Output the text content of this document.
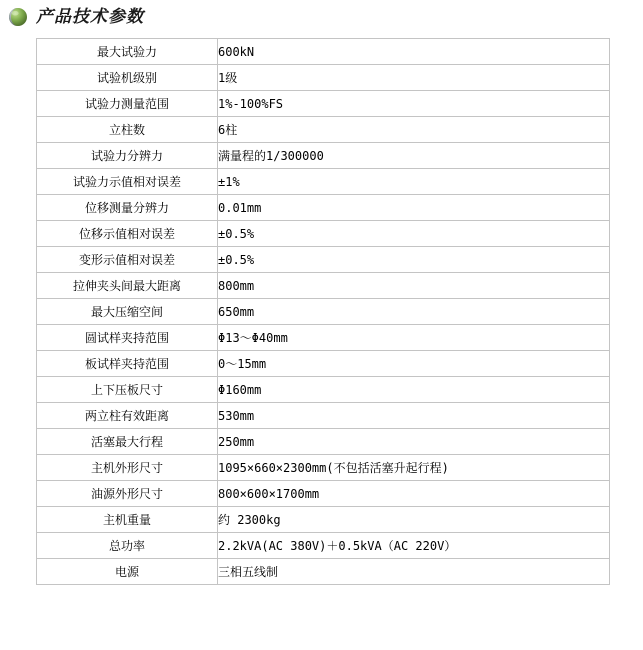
产品技术参数
最大试验力	600kN
试验机级别	1级
试验力测量范围	1%-100%FS
立柱数	6柱
试验力分辨力	满量程的1/300000
试验力示值相对误差	±1%
位移测量分辨力	0.01mm
位移示值相对误差	±0.5%
变形示值相对误差	±0.5%
拉伸夹头间最大距离	800mm
最大压缩空间	650mm
圆试样夹持范围	Φ13～Φ40mm
板试样夹持范围	0～15mm
上下压板尺寸	Φ160mm
两立柱有效距离	530mm
活塞最大行程	250mm
主机外形尺寸	1095×660×2300mm(不包括活塞升起行程)
油源外形尺寸	800×600×1700mm
主机重量	约 2300kg
总功率	2.2kVA(AC 380V)＋0.5kVA（AC 220V）
电源	三相五线制
